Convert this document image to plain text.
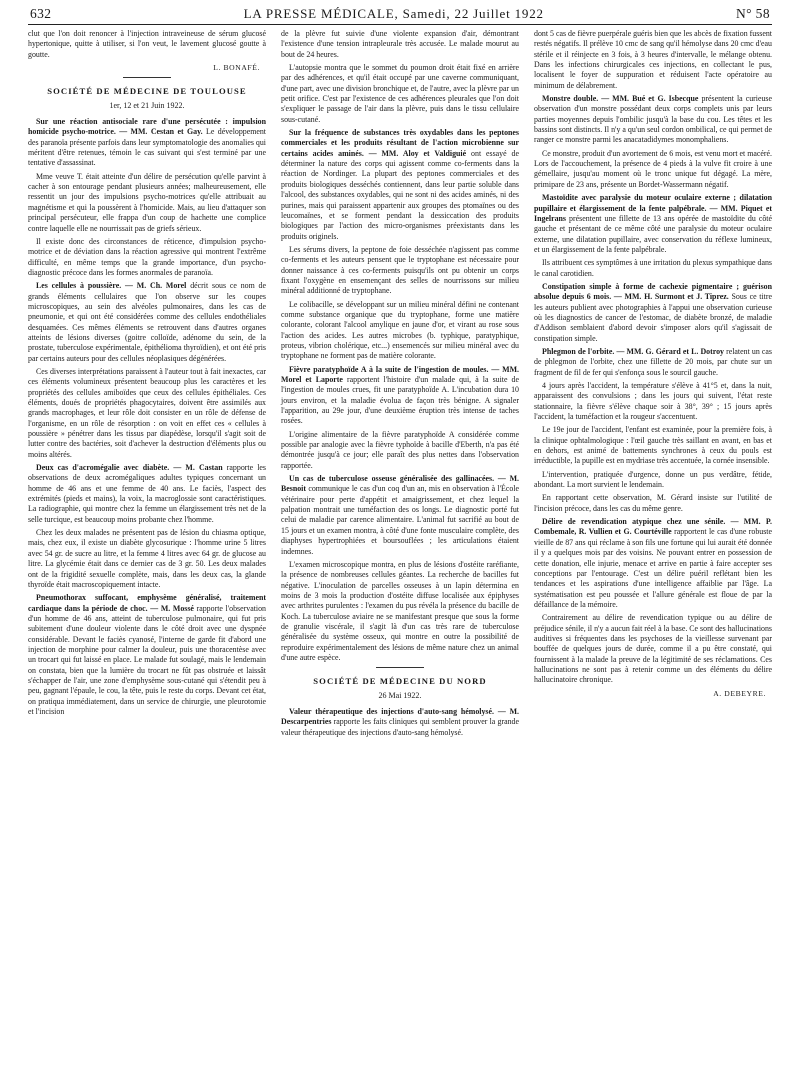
632	LA PRESSE MÉDICALE, Samedi, 22 Juillet 1922	N° 58

clut que l'on doit renoncer à l'injection intraveineuse de sérum glucosé hypertonique, quitte à utiliser, si l'on veut, le lavement glucosé goutte à goutte.

L. BONAFÉ.
SOCIÉTÉ DE MÉDECINE DE TOULOUSE
1er, 12 et 21 Juin 1922.

Sur une réaction antisociale rare d'une persécutée : impulsion homicide psycho-motrice. — MM. Cestan et Gay. Le développement des paranoïa présente parfois dans leur symptomatologie des anomalies qui méritent d'être retenues, témoin le cas suivant qui s'est terminé par une tentative d'assassinat.

Mme veuve T. était atteinte d'un délire de persécution qu'elle parvint à cacher à son entourage pendant plusieurs années; malheureusement, elle ressentit un jour des impulsions psycho-motrices qu'elle attribuait au magnétisme et qui la poussèrent à l'homicide. Mais, au lieu d'attaquer son principal persécuteur, elle frappa d'un coup de hachette une complice contre laquelle elle ne nourrissait pas de griefs sérieux.

Il existe donc des circonstances de réticence, d'impulsion psycho-motrice et de déviation dans la réaction agressive qui montrent l'extrême difficulté, en même temps que la grande importance, d'un psycho-diagnostic précoce dans les formes anormales de paranoïa.

Les cellules à poussière. — M. Ch. Morel décrit sous ce nom de grands éléments cellulaires que l'on observe sur les coupes microscopiques, au sein des alvéoles pulmonaires, dans les cas de pneumonie, et qui ont été considérées comme des cellules endothéliales desquamées. Ces mêmes éléments se retrouvent dans d'autres organes atteints de lésions diverses (goitre colloïde, adénome du sein, de la prostate, tuberculose expérimentale, épithélioma thyroïdien), et ont été pris par certains auteurs pour des cellules néoplasiques dégénérées.

Ces diverses interprétations paraissent à l'auteur tout à fait inexactes, car ces éléments volumineux présentent beaucoup plus les caractères et les propriétés des cellules amiboïdes que ceux des cellules épithéliales. Ces éléments, doués de propriétés phagocytaires, doivent être assimilés aux grands macrophages, et leur rôle doit consister en un rôle de défense de l'organisme, en un rôle de résorption : on voit en effet ces « cellules à poussière » pénétrer dans les tissus par diapédèse, lorsqu'il s'agit soit de lutter contre des bactéries, soit d'achever la destruction d'éléments plus ou moins altérés.

Deux cas d'acromégalie avec diabète. — M. Castan rapporte les observations de deux acromégaliques adultes typiques concernant un homme de 46 ans et une femme de 40 ans. Le faciès, l'aspect des extrémités (pieds et mains), la voix, la macroglossie sont caractéristiques. La radiographie, qui montre chez la femme un élargissement très net de la selle turcique, est beaucoup moins probante chez l'homme.

Chez les deux malades ne présentent pas de lésion du chiasma optique, mais, chez eux, il existe un diabète glycosurique : l'homme urine 5 litres avec 54 gr. de sucre au litre, et la femme 4 litres avec 64 gr. de glucose au litre. La glycémie était dans ce dernier cas de 3 gr. 50. Les deux malades ont de la frigidité sexuelle complète, mais, dans les deux cas, la glande thyroïde était macroscopiquement intacte.

Pneumothorax suffocant, emphysème généralisé, traitement cardiaque dans la période de choc. — M. Mossé rapporte l'observation d'un homme de 46 ans, atteint de tuberculose pulmonaire, qui fut pris subitement d'une douleur violente dans le côté droit avec une dyspnée considérable. Devant le faciès cyanosé, l'interne de garde fit d'abord une injection de morphine pour calmer la douleur, puis une thoracentèse avec un trocart qui fut laissé en place. Le malade fut soulagé, mais le lendemain on constata, bien que la lumière du trocart ne fût pas obstruée et laissât s'échapper de l'air, une zone d'emphysème sous-cutané qui s'étendit peu à peu, gagnant l'épaule, le cou, la tête, puis le reste du corps. Devant cet état, on pratiqua immédiatement, dans un service de chirurgie, une pleurotomie et l'incision

de la plèvre fut suivie d'une violente expansion d'air, démontrant l'existence d'une tension intrapleurale très accusée. Le malade mourut au bout de 24 heures.

L'autopsie montra que le sommet du poumon droit était fixé en arrière par des adhérences, et qu'il était occupé par une caverne communiquant, d'une part, avec une division bronchique et, de l'autre, avec la plèvre par un petit orifice. C'est par l'existence de ces adhérences pleurales que l'on doit s'expliquer le passage de l'air dans la plèvre, puis dans le tissu cellulaire sous-cutané.

Sur la fréquence de substances très oxydables dans les peptones commerciales et les produits résultant de l'action microbienne sur certains acides aminés. — MM. Aloy et Valdiguié ont essayé de déterminer la nature des corps qui agissent comme co-ferments dans la réaction de Nordinger. La plupart des peptones commerciales et des produits biologiques desséchés contiennent, dans leur partie soluble dans l'alcool, des substances oxydables, qui ne sont ni des acides aminés, ni des purines, mais qui paraissent appartenir aux groupes des ptomaïnes ou des leucomaïnes, et se forment pendant la dessiccation des produits biologiques par l'action des micro-organismes préexistants dans les produits originels.

Les sérums divers, la peptone de foie desséchée n'agissent pas comme co-ferments et les auteurs pensent que le tryptophane est nécessaire pour donner naissance à ces co-ferments puisqu'ils ont pu obtenir un corps fixant l'oxygène en ensemençant des selles de nourrissons sur milieu minéral additionné de tryptophane.

Le colibacille, se développant sur un milieu minéral défini ne contenant comme substance organique que du tryptophane, forme une matière colorante, colorant l'alcool amylique en jaune d'or, et virant au rose sous l'action des acides. Les autres microbes (b. typhique, paratyphique, proteus, vibrion cholérique, etc...) ensemencés sur milieu minéral avec du tryptophane ne forment pas de matière colorante.

Fièvre paratyphoïde A à la suite de l'ingestion de moules. — MM. Morel et Laporte rapportent l'histoire d'un malade qui, à la suite de l'ingestion de moules crues, fit une paratyphoïde A. L'incubation dura 10 jours environ, et la maladie évolua de façon très bénigne. A signaler l'apparition, au 29e jour, d'une deuxième éruption très intense de taches rosées.

L'origine alimentaire de la fièvre paratyphoïde A considérée comme possible par analogie avec la fièvre typhoïde à bacille d'Eberth, n'a pas été démontrée jusqu'à ce jour; elle paraît des plus nettes dans l'observation rapportée.

Un cas de tuberculose osseuse généralisée des gallinacées. — M. Besnoit communique le cas d'un coq d'un an, mis en observation à l'École vétérinaire pour perte d'appétit et amaigrissement, et chez lequel la palpation montrait une tuméfaction des os longs. Le diagnostic porté fut celui de maladie par carence alimentaire. L'animal fut sacrifié au bout de 15 jours et un examen montra, à côté d'une fonte musculaire complète, des diaphyses hypertrophiées et boursouflées ; les articulations étaient indemnes.

L'examen microscopique montra, en plus de lésions d'ostéite raréfiante, la présence de nombreuses cellules géantes. La recherche de bacilles fut négative. L'inoculation de parcelles osseuses à un lapin détermina en moins de 3 mois la production d'ostéite diffuse localisée aux épiphyses avec arthrites purulentes : l'examen du pus révéla la présence du bacille de Koch. La tuberculose aviaire ne se manifestant presque que sous la forme de granulie viscérale, il s'agit là d'un cas très rare de tuberculose généralisée du système osseux, qui montre en outre la possibilité de reproduire expérimentalement des lésions de même nature chez un animal d'une autre espèce.

SOCIÉTÉ DE MÉDECINE DU NORD
26 Mai 1922.

Valeur thérapeutique des injections d'auto-sang hémolysé. — M. Descarpentries rapporte les faits cliniques qui semblent prouver la grande valeur thérapeutique des injections d'auto-sang hémolysé.

dont 5 cas de fièvre puerpérale guéris bien que les abcès de fixation fussent restés négatifs. Il prélève 10 cmc de sang qu'il hémolyse dans 20 cmc d'eau stérile et il réinjecte en 3 fois, à 3 heures d'intervalle, le mélange obtenu. Dans les infections chirurgicales ces injections, en collectant le pus, localisent le foyer de suppuration et réduisent l'acte opératoire au minimum de délabrement.

Monstre double. — MM. Bué et G. Isbecque présentent la curieuse observation d'un monstre possédant deux corps complets unis par leurs parties moyennes depuis l'ombilic jusqu'à la base du cou. Les têtes et les bassins sont distincts. Il n'y a qu'un seul cordon ombilical, ce qui permet de ranger ce monstre parmi les anacatadidymes monomphaliens.

Ce monstre, produit d'un avortement de 6 mois, est venu mort et macéré. Lors de l'accouchement, la présence de 4 pieds à la vulve fit croire à une gémellaire, jusqu'au moment où le tronc unique fut dégagé. La mère, primipare de 23 ans, présente un Bordet-Wassermann négatif.

Mastoïdite avec paralysie du moteur oculaire externe ; dilatation pupillaire et élargissement de la fente palpébrale. — MM. Piquet et Ingelrans présentent une fillette de 13 ans opérée de mastoïdite du côté gauche et présentant de ce même côté une paralysie du moteur oculaire externe, une dilatation pupillaire, avec conservation du réflexe lumineux, et un élargissement de la fente palpébrale.

Ils attribuent ces symptômes à une irritation du plexus sympathique dans le canal carotidien.

Constipation simple à forme de cachexie pigmentaire ; guérison absolue depuis 6 mois. — MM. H. Surmont et J. Tiprez. Sous ce titre les auteurs publient avec photographies à l'appui une observation curieuse où les diagnostics de cancer de l'estomac, de diabète bronzé, de maladie d'Addison semblaient d'abord devoir s'imposer alors qu'il s'agissait de constipation simple.

Phlegmon de l'orbite. — MM. G. Gérard et L. Dotroy relatent un cas de phlegmon de l'orbite, chez une fillette de 20 mois, par chute sur un fragment de fil de fer qui s'enfonça sous le sourcil gauche.

4 jours après l'accident, la température s'élève à 41°5 et, dans la nuit, apparaissent des convulsions ; dans les jours qui suivent, l'état reste stationnaire, la fièvre s'élève chaque soir à 38°, 39° ; 15 jours après l'accident, la tuméfaction et la rougeur s'accentuent.

Le 19e jour de l'accident, l'enfant est examinée, pour la première fois, à la clinique ophtalmologique : l'œil gauche très saillant en avant, en bas et en dehors, est animé de battements synchrones à ceux du pouls est irréductible, la pupille est en mydriase très accentuée, la cornée insensible.

L'intervention, pratiquée d'urgence, donne un pus verdâtre, fétide, abondant. La mort survient le lendemain.

En rapportant cette observation, M. Gérard insiste sur l'utilité de l'incision précoce, dans les cas du même genre.

Délire de revendication atypique chez une sénile. — MM. P. Combemale, R. Vullien et G. Courtéville rapportent le cas d'une robuste vieille de 87 ans qui réclame à son fils une fortune qui lui aurait été donnée il y a quelques mois par des voisins. Ne pouvant entrer en possession de cette donation, elle injurie, menace et arrive en partie à faire accepter ses conceptions par l'entourage. C'est un délire puéril reflétant bien les tendances et les aspirations d'une intelligence affaiblie par l'âge. La systématisation est peu poussée et l'allure générale est floue de par la défaillance de la mémoire.

Contrairement au délire de revendication typique ou au délire de préjudice sénile, il n'y a aucun fait réel à la base. Ce sont des hallucinations auditives si fréquentes dans les psychoses de la vieillesse survenant par bouffée de quelques jours de durée, comme il a pu être constaté, qui fournissent à la malade la preuve de la légitimité de ses réclamations. Ces hallucinations ne sont pas à retenir comme un des éléments du délire hallucinatoire chronique.

A. DEBEYRE.
